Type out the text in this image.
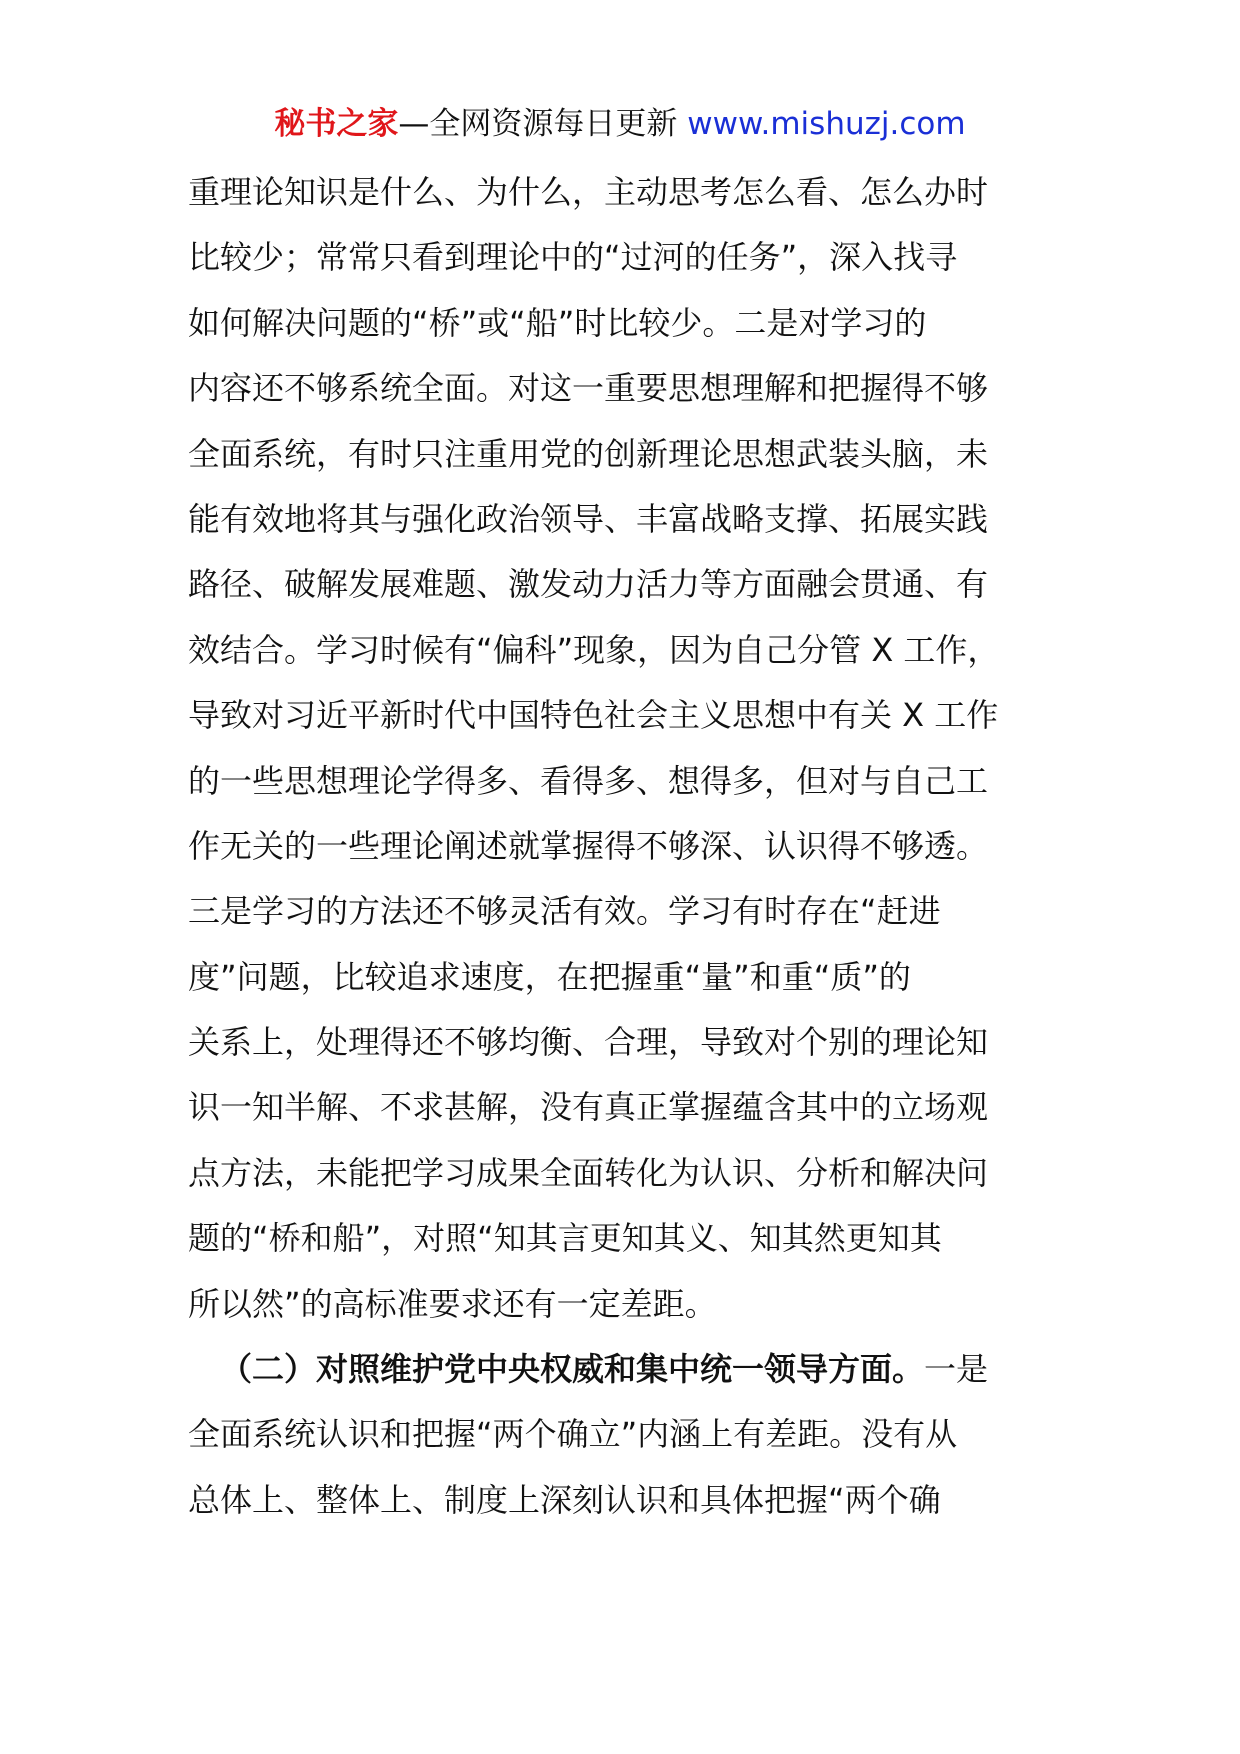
秘书之家—全网资源每日更新 www.mishuzj.com
重理论知识是什么、为什么，主动思考怎么看、怎么办时
比较少；常常只看到理论中的“过河的任务”，深入找寻
如何解决问题的“桥”或“船”时比较少。二是对学习的
内容还不够系统全面。对这一重要思想理解和把握得不够
全面系统，有时只注重用党的创新理论思想武装头脑，未
能有效地将其与强化政治领导、丰富战略支撑、拓展实践
路径、破解发展难题、激发动力活力等方面融会贯通、有
效结合。学习时候有“偏科”现象，因为自己分管 X 工作，
导致对习近平新时代中国特色社会主义思想中有关 X 工作
的一些思想理论学得多、看得多、想得多，但对与自己工
作无关的一些理论阐述就掌握得不够深、认识得不够透。
三是学习的方法还不够灵活有效。学习有时存在“赶进
度”问题，比较追求速度，在把握重“量”和重“质”的
关系上，处理得还不够均衡、合理，导致对个别的理论知
识一知半解、不求甚解，没有真正掌握蕴含其中的立场观
点方法，未能把学习成果全面转化为认识、分析和解决问
题的“桥和船”，对照“知其言更知其义、知其然更知其
所以然”的高标准要求还有一定差距。
（二）对照维护党中央权威和集中统一领导方面。一是
全面系统认识和把握“两个确立”内涵上有差距。没有从
总体上、整体上、制度上深刻认识和具体把握“两个确
